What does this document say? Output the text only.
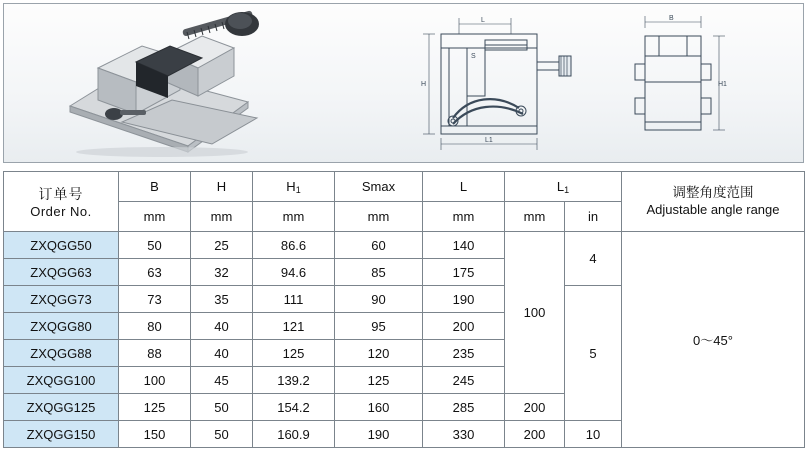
L
H
L1
S
B
H1
订单号
Order No.
	B	H	$H^1$	Smax	L	$L^1$	调整角度范围
Adjustable angle range

	mm	mm	mm	mm	mm	mm	in	
ZXQGG50	50	25	86.6	60	140	100	4	0～45°
ZXQGG63	63	32	94.6	85	175			
ZXQGG73	73	35	111	90	190		5	
ZXQGG80	80	40	121	95	200			
ZXQGG88	88	40	125	120	235			
ZXQGG100	100	45	139.2	125	245			
ZXQGG125	125	50	154.2	160	285	200		
ZXQGG150	150	50	160.9	190	330	200	10	
